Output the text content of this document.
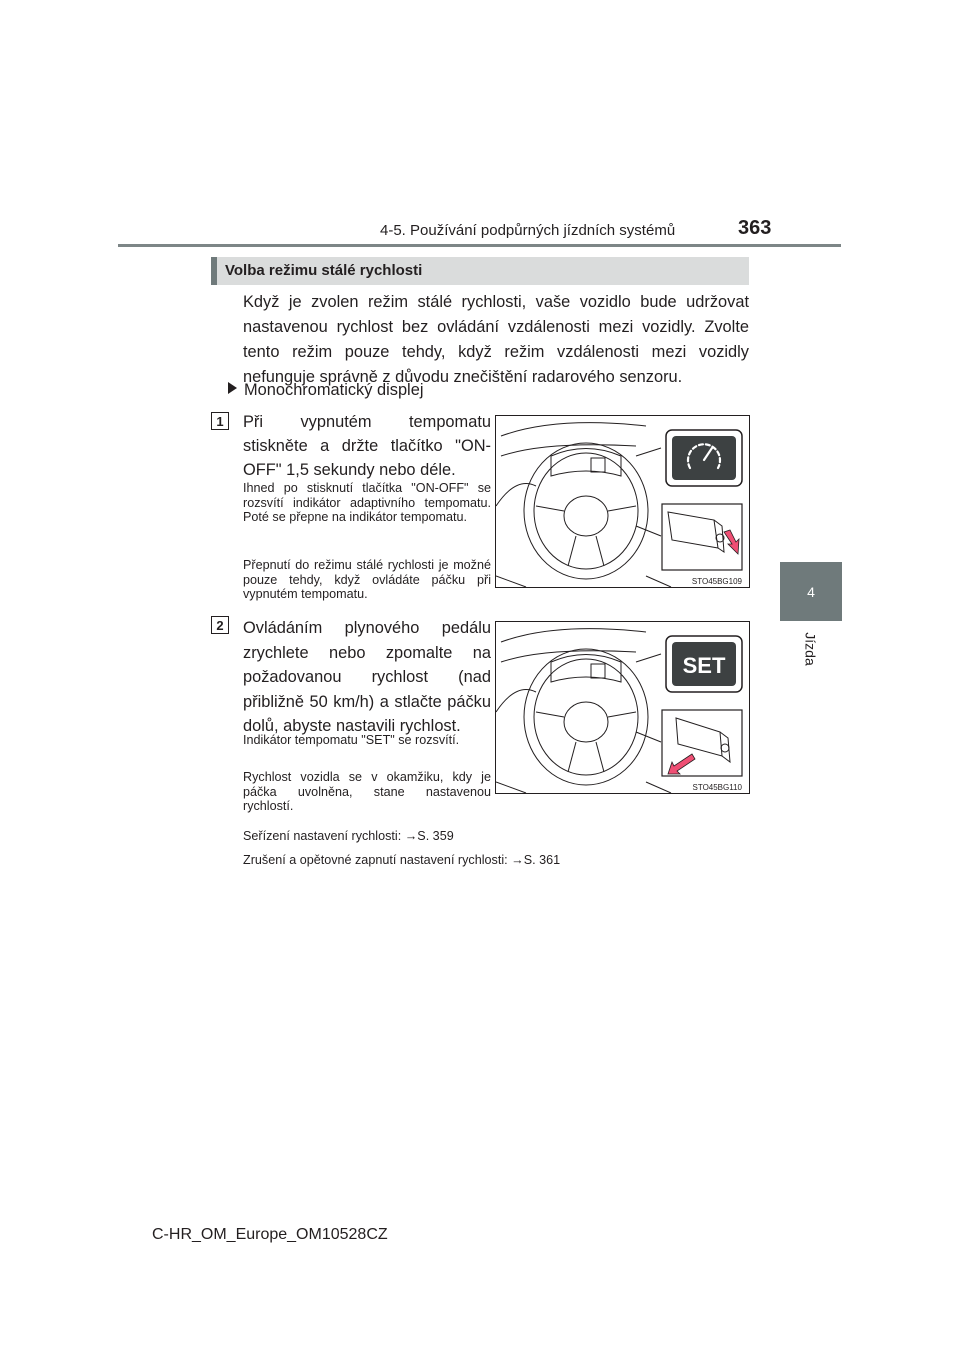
4-5. Používání podpůrných jízdních systémů	363
4
Jízda
Volba režimu stálé rychlosti
Když je zvolen režim stálé rychlosti, vaše vozidlo bude udržovat nastavenou rychlost bez ovládání vzdálenosti mezi vozidly. Zvolte tento režim pouze tehdy, když režim vzdálenosti mezi vozidly nefunguje správně z důvodu znečištění radarového senzoru.
Monochromatický displej
1	Při vypnutém tempomatu stiskněte a držte tlačítko "ON-OFF" 1,5 sekundy nebo déle.
Ihned po stisknutí tlačítka "ON-OFF" se rozsvítí indikátor adaptivního tempomatu. Poté se přepne na indikátor tempomatu.
Přepnutí do režimu stálé rychlosti je možné pouze tehdy, když ovládáte páčku při vypnutém tempomatu.
STO45BG109
2	Ovládáním plynového pedálu zrychlete nebo zpomalte na požadovanou rychlost (nad přibližně 50 km/h) a stlačte páčku dolů, abyste nastavili rychlost.
Indikátor tempomatu "SET" se rozsvítí.
Rychlost vozidla se v okamžiku, kdy je páčka uvolněna, stane nastavenou rychlostí.
SET
STO45BG110
Seřízení nastavení rychlosti: →S. 359
Zrušení a opětovné zapnutí nastavení rychlosti: →S. 361
C-HR_OM_Europe_OM10528CZ
